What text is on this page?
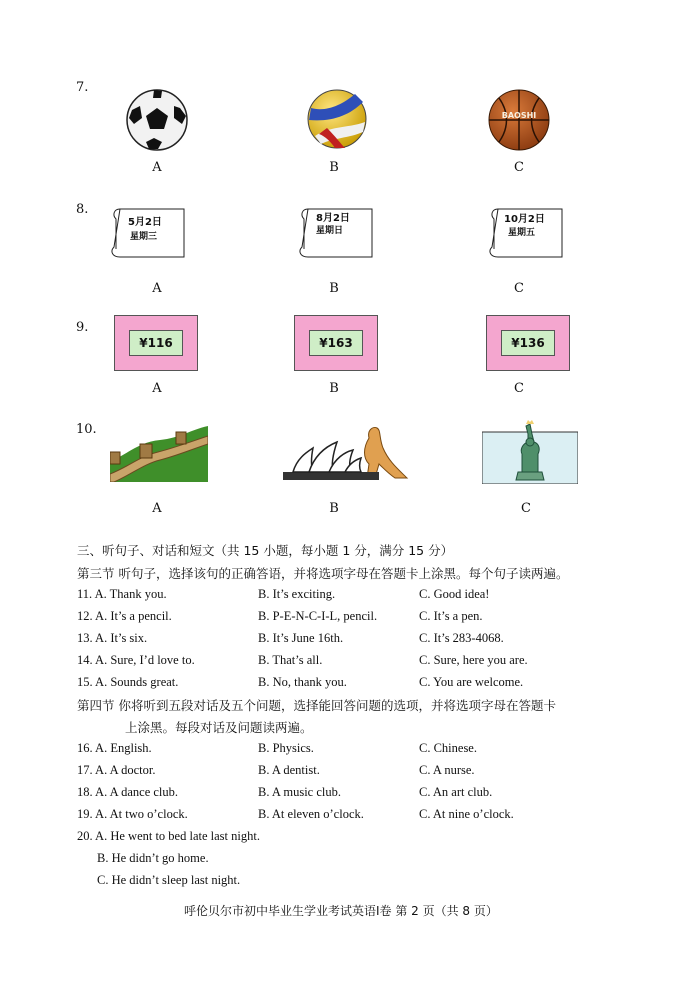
7.
BAOSHI
A	B	C
8.
5月2日
星期三
8月2日
星期日
10月2日
星期五
A	B	C
9.
¥116	¥163	¥136
A	B	C
10.
A	B	C
三、听句子、对话和短文（共 15 小题，每小题 1 分，满分 15 分）
第三节 听句子，选择该句的正确答语，并将选项字母在答题卡上涂黑。每个句子读两遍。
11. A. Thank you.	B. It’s exciting.	C. Good idea!
12. A. It’s a pencil.	B. P-E-N-C-I-L, pencil.	C. It’s a pen.
13. A. It’s six.	B. It’s June 16th.	C. It’s 283-4068.
14. A. Sure, I’d love to.	B. That’s all.	C. Sure, here you are.
15. A. Sounds great.	B. No, thank you.	C. You are welcome.
第四节 你将听到五段对话及五个问题，选择能回答问题的选项，并将选项字母在答题卡
上涂黑。每段对话及问题读两遍。
16. A. English.	B. Physics.	C. Chinese.
17. A. A doctor.	B. A dentist.	C. A nurse.
18. A. A dance club.	B. A music club.	C. An art club.
19. A. At two o’clock.	B. At eleven o’clock.	C. At nine o’clock.
20. A. He went to bed late last night.
B. He didn’t go home.
C. He didn’t sleep last night.
呼伦贝尔市初中毕业生学业考试英语Ⅰ卷 第 2 页（共 8 页）
